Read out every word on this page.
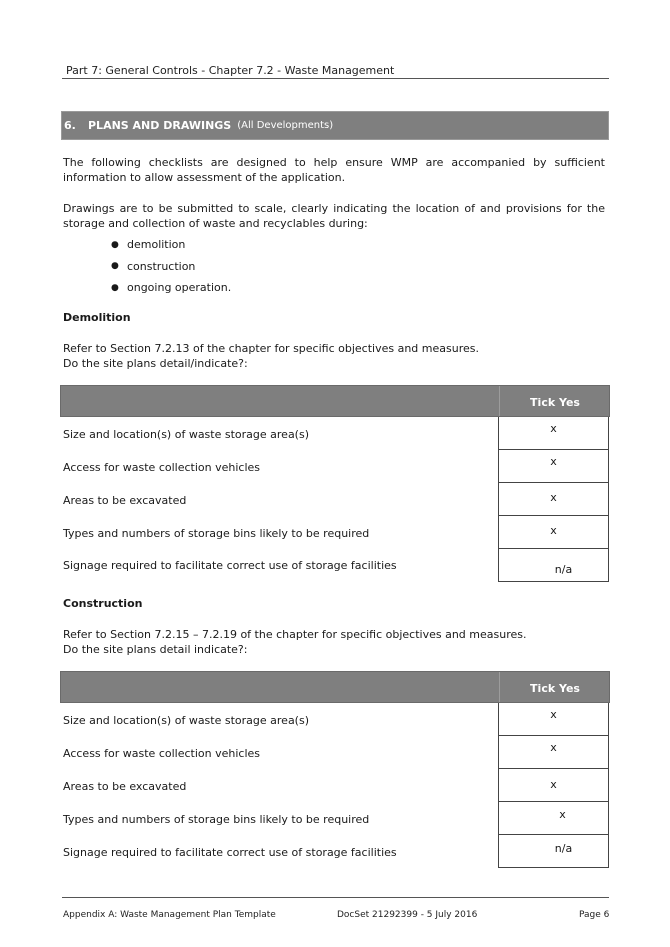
Part 7: General Controls - Chapter 7.2 - Waste Management
6.	PLANS AND DRAWINGS (All Developments)
The following checklists are designed to help ensure WMP are accompanied by sufficient information to allow assessment of the application.
Drawings are to be submitted to scale, clearly indicating the location of and provisions for the storage and collection of waste and recyclables during:
● demolition
● construction
● ongoing operation.
Demolition
Refer to Section 7.2.13 of the chapter for specific objectives and measures.
Do the site plans detail/indicate?:
Tick Yes
Size and location(s) of waste storage area(s)	x
Access for waste collection vehicles	x
Areas to be excavated	x
Types and numbers of storage bins likely to be required	x
Signage required to facilitate correct use of storage facilities	n/a
Construction
Refer to Section 7.2.15 – 7.2.19 of the chapter for specific objectives and measures.
Do the site plans detail indicate?:
Tick Yes
Size and location(s) of waste storage area(s)	x
Access for waste collection vehicles	x
Areas to be excavated	x
Types and numbers of storage bins likely to be required	x
Signage required to facilitate correct use of storage facilities	n/a
Appendix A: Waste Management Plan Template	DocSet 21292399 - 5 July 2016	Page 6
